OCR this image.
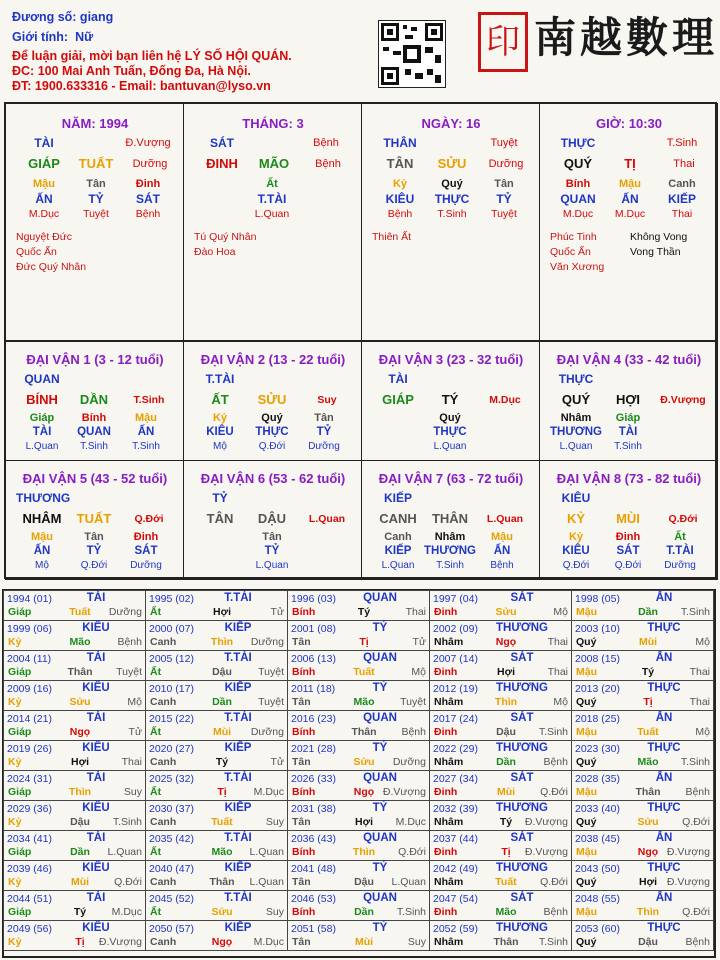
Đương số: giang
Giới tính: Nữ
Để luận giải, mời bạn liên hệ LÝ SỐ HỘI QUÁN.
ĐC: 100 Mai Anh Tuấn, Đống Đa, Hà Nội.
ĐT: 1900.633316 - Email: bantuvan@lyso.vn
印 南越數理
NĂM: 1994
TÀI	Đ.Vượng
GIÁP	TUẤT	Dưỡng
Mậu
ẤN
M.Dục
Tân
TỶ
Tuyệt
Đinh
SÁT
Bệnh
Nguyệt Đức
Quốc Ấn
Đức Quý Nhân
THÁNG: 3
SÁT	Bệnh
ĐINH	MÃO	Bệnh
Ất
T.TÀI
L.Quan
Tú Quý Nhân
Đào Hoa
NGÀY: 16
THÂN	Tuyệt
TÂN	SỬU	Dưỡng
Kỷ
KIÊU
Bệnh
Quý
THỰC
T.Sinh
Tân
TỶ
Tuyệt
Thiên Ất
GIỜ: 10:30
THỰC	T.Sinh
QUÝ	TỊ	Thai
Bính
QUAN
M.Dục
Mậu
ẤN
M.Dục
Canh
KIẾP
Thai
Phúc Tinh
Quốc Ấn
Văn Xương
Không Vong
Vong Thần
ĐẠI VẬN 1 (3 - 12 tuổi)
QUAN
BÍNH	DẦN	T.Sinh
Giáp
TÀI
L.Quan
Bính
QUAN
T.Sinh
Mậu
ẤN
T.Sinh
ĐẠI VẬN 2 (13 - 22 tuổi)
T.TÀI
ẤT	SỬU	Suy
Kỷ
KIÊU
Mộ
Quý
THỰC
Q.Đới
Tân
TỶ
Dưỡng
ĐẠI VẬN 3 (23 - 32 tuổi)
TÀI
GIÁP	TÝ	M.Dục
Quý
THỰC
L.Quan
ĐẠI VẬN 4 (33 - 42 tuổi)
THỰC
QUÝ	HỢI	Đ.Vượng
Nhâm
THƯƠNG
L.Quan
Giáp
TÀI
T.Sinh
ĐẠI VẬN 5 (43 - 52 tuổi)
THƯƠNG
NHÂM	TUẤT	Q.Đới
Mậu
ẤN
Mộ
Tân
TỶ
Q.Đới
Đinh
SÁT
Dưỡng
ĐẠI VẬN 6 (53 - 62 tuổi)
TỶ
TÂN	DẬU	L.Quan
Tân
TỶ
L.Quan
ĐẠI VẬN 7 (63 - 72 tuổi)
KIẾP
CANH	THÂN	L.Quan
Canh
KIẾP
L.Quan
Nhâm
THƯƠNG
T.Sinh
Mậu
ẤN
Bệnh
ĐẠI VẬN 8 (73 - 82 tuổi)
KIÊU
KỶ	MÙI	Q.Đới
Kỷ
KIÊU
Q.Đới
Đinh
SÁT
Q.Đới
Ất
T.TÀI
Dưỡng
1994 (01)	TÀI
Giáp	Tuất	Dưỡng
1995 (02)	T.TÀI
Ất	Hợi	Tử
1996 (03)	QUAN
Bính	Tý	Thai
1997 (04)	SÁT
Đinh	Sửu	Mộ
1998 (05)	ẤN
Mậu	Dần	T.Sinh
1999 (06)	KIÊU
Kỷ	Mão	Bệnh
2000 (07)	KIẾP
Canh	Thìn	Dưỡng
2001 (08)	TỶ
Tân	Tị	Tử
2002 (09)	THƯƠNG
Nhâm	Ngọ	Thai
2003 (10)	THỰC
Quý	Mùi	Mộ
2004 (11)	TÀI
Giáp	Thân	Tuyệt
2005 (12)	T.TÀI
Ất	Dậu	Tuyệt
2006 (13)	QUAN
Bính	Tuất	Mộ
2007 (14)	SÁT
Đinh	Hợi	Thai
2008 (15)	ẤN
Mậu	Tý	Thai
2009 (16)	KIÊU
Kỷ	Sửu	Mộ
2010 (17)	KIẾP
Canh	Dần	Tuyệt
2011 (18)	TỶ
Tân	Mão	Tuyệt
2012 (19)	THƯƠNG
Nhâm	Thìn	Mộ
2013 (20)	THỰC
Quý	Tị	Thai
2014 (21)	TÀI
Giáp	Ngọ	Tử
2015 (22)	T.TÀI
Ất	Mùi	Dưỡng
2016 (23)	QUAN
Bính	Thân	Bệnh
2017 (24)	SÁT
Đinh	Dậu	T.Sinh
2018 (25)	ẤN
Mậu	Tuất	Mộ
2019 (26)	KIÊU
Kỷ	Hợi	Thai
2020 (27)	KIẾP
Canh	Tý	Tử
2021 (28)	TỶ
Tân	Sửu	Dưỡng
2022 (29)	THƯƠNG
Nhâm	Dần	Bệnh
2023 (30)	THỰC
Quý	Mão	T.Sinh
2024 (31)	TÀI
Giáp	Thìn	Suy
2025 (32)	T.TÀI
Ất	Tị	M.Dục
2026 (33)	QUAN
Bính	Ngọ Đ.Vượng
2027 (34)	SÁT
Đinh	Mùi	Q.Đới
2028 (35)	ẤN
Mậu	Thân	Bệnh
2029 (36)	KIÊU
Kỷ	Dậu	T.Sinh
2030 (37)	KIẾP
Canh	Tuất	Suy
2031 (38)	TỶ
Tân	Hợi	M.Dục
2032 (39)	THƯƠNG
Nhâm	Tý	Đ.Vượng
2033 (40)	THỰC
Quý	Sửu	Q.Đới
2034 (41)	TÀI
Giáp	Dần	L.Quan
2035 (42)	T.TÀI
Ất	Mão	L.Quan
2036 (43)	QUAN
Bính	Thìn	Q.Đới
2037 (44)	SÁT
Đinh	Tị	Đ.Vượng
2038 (45)	ẤN
Mậu	Ngọ Đ.Vượng
2039 (46)	KIÊU
Kỷ	Mùi	Q.Đới
2040 (47)	KIẾP
Canh	Thân	L.Quan
2041 (48)	TỶ
Tân	Dậu	L.Quan
2042 (49)	THƯƠNG
Nhâm	Tuất	Q.Đới
2043 (50)	THỰC
Quý	Hợi Đ.Vượng
2044 (51)	TÀI
Giáp	Tý	M.Dục
2045 (52)	T.TÀI
Ất	Sửu	Suy
2046 (53)	QUAN
Bính	Dần	T.Sinh
2047 (54)	SÁT
Đinh	Mão	Bệnh
2048 (55)	ẤN
Mậu	Thìn	Q.Đới
2049 (56)	KIÊU
Kỷ	Tị	Đ.Vượng
2050 (57)	KIẾP
Canh	Ngọ	M.Dục
2051 (58)	TỶ
Tân	Mùi	Suy
2052 (59)	THƯƠNG
Nhâm	Thân	T.Sinh
2053 (60)	THỰC
Quý	Dậu	Bệnh
